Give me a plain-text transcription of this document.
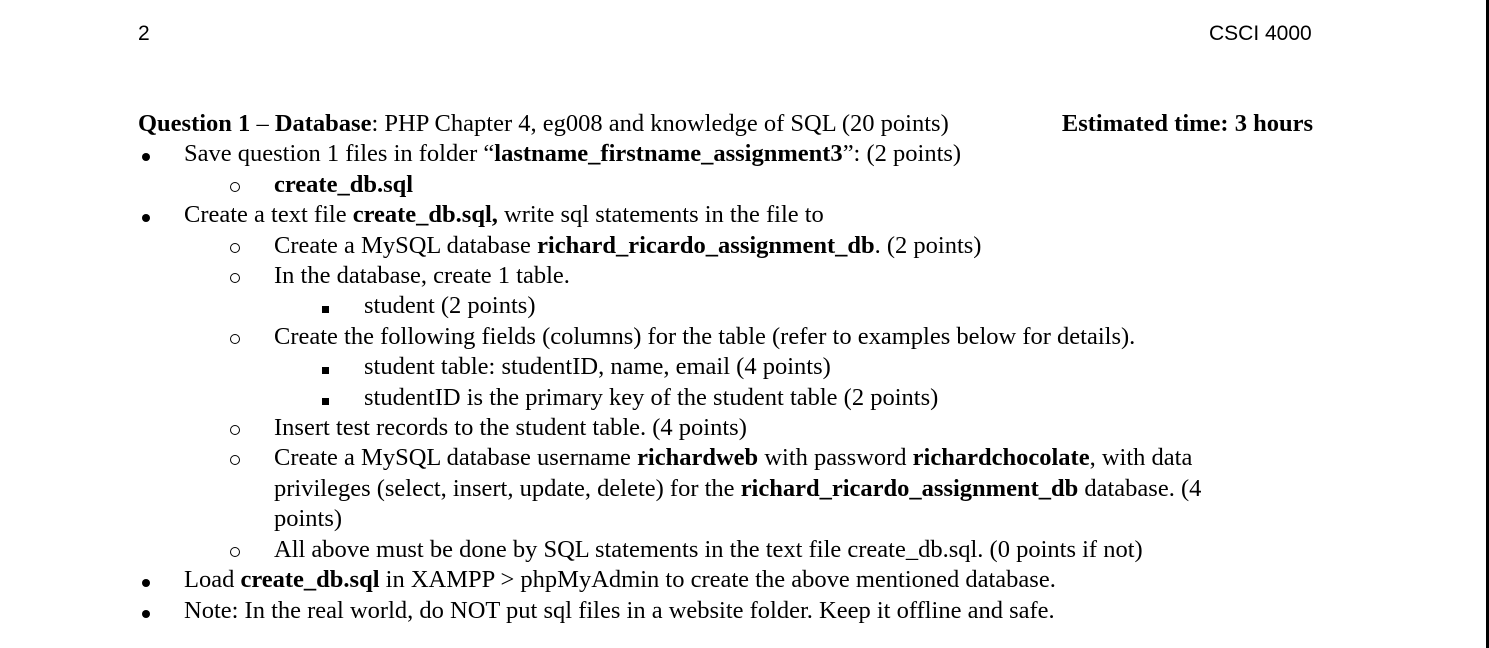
2	CSCI 4000
Question 1 – Database: PHP Chapter 4, eg008 and knowledge of SQL (20 points)	Estimated time: 3 hours
Save question 1 files in folder “lastname_firstname_assignment3”: (2 points)
create_db.sql
Create a text file create_db.sql, write sql statements in the file to
Create a MySQL database richard_ricardo_assignment_db. (2 points)
In the database, create 1 table.
student (2 points)
Create the following fields (columns) for the table (refer to examples below for details).
student table: studentID, name, email (4 points)
studentID is the primary key of the student table (2 points)
Insert test records to the student table. (4 points)
Create a MySQL database username richardweb with password richardchocolate, with data
privileges (select, insert, update, delete) for the richard_ricardo_assignment_db database. (4
points)
All above must be done by SQL statements in the text file create_db.sql. (0 points if not)
Load create_db.sql in XAMPP > phpMyAdmin to create the above mentioned database.
Note: In the real world, do NOT put sql files in a website folder. Keep it offline and safe.
